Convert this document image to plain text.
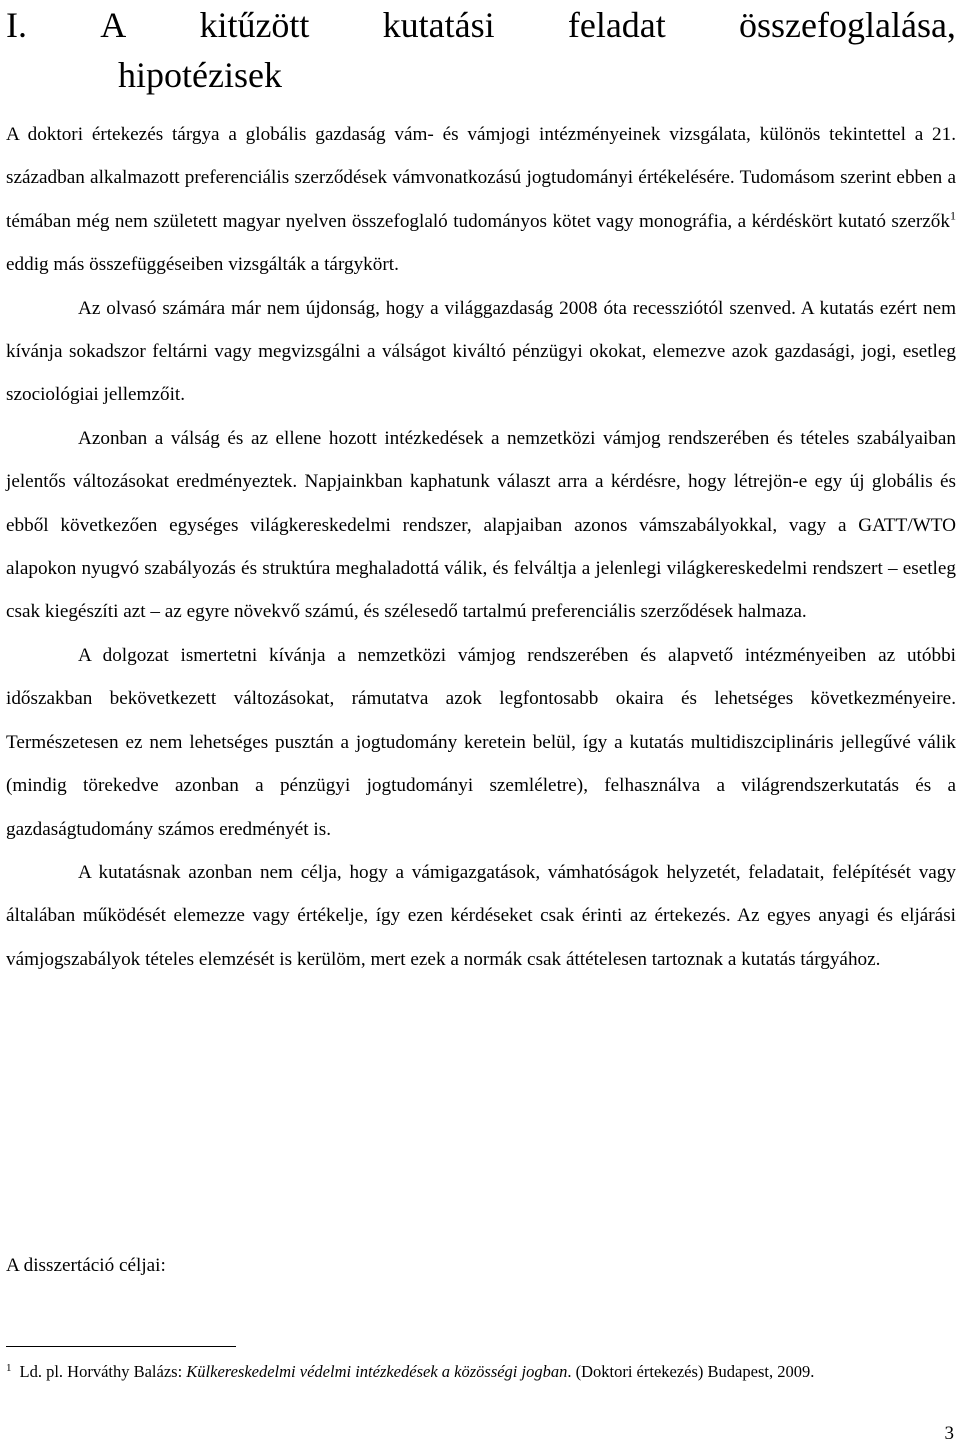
I. A kitűzött kutatási feladat összefoglalása,
hipotézisek

A doktori értekezés tárgya a globális gazdaság vám- és vámjogi intézményeinek vizsgálata, különös tekintettel a 21. században alkalmazott preferenciális szerződések vámvonatkozású jogtudományi értékelésére. Tudomásom szerint ebben a témában még nem született magyar nyelven összefoglaló tudományos kötet vagy monográfia, a kérdéskört kutató szerzők$^1$ eddig más összefüggéseiben vizsgálták a tárgykört.

Az olvasó számára már nem újdonság, hogy a világgazdaság 2008 óta recessziótól szenved. A kutatás ezért nem kívánja sokadszor feltárni vagy megvizsgálni a válságot kiváltó pénzügyi okokat, elemezve azok gazdasági, jogi, esetleg szociológiai jellemzőit.

Azonban a válság és az ellene hozott intézkedések a nemzetközi vámjog rendszerében és tételes szabályaiban jelentős változásokat eredményeztek. Napjainkban kaphatunk választ arra a kérdésre, hogy létrejön-e egy új globális és ebből következően egységes világkereskedelmi rendszer, alapjaiban azonos vámszabályokkal, vagy a GATT/WTO alapokon nyugvó szabályozás és struktúra meghaladottá válik, és felváltja a jelenlegi világkereskedelmi rendszert – esetleg csak kiegészíti azt – az egyre növekvő számú, és szélesedő tartalmú preferenciális szerződések halmaza.

A dolgozat ismertetni kívánja a nemzetközi vámjog rendszerében és alapvető intézményeiben az utóbbi időszakban bekövetkezett változásokat, rámutatva azok legfontosabb okaira és lehetséges következményeire. Természetesen ez nem lehetséges pusztán a jogtudomány keretein belül, így a kutatás multidiszciplináris jellegűvé válik (mindig törekedve azonban a pénzügyi jogtudományi szemléletre), felhasználva a világrendszerkutatás és a gazdaságtudomány számos eredményét is.

A kutatásnak azonban nem célja, hogy a vámigazgatások, vámhatóságok helyzetét, feladatait, felépítését vagy általában működését elemezze vagy értékelje, így ezen kérdéseket csak érinti az értekezés. Az egyes anyagi és eljárási vámjogszabályok tételes elemzését is kerülöm, mert ezek a normák csak áttételesen tartoznak a kutatás tárgyához.

A disszertáció céljai:
$^1$ Ld. pl. Horváthy Balázs: Külkereskedelmi védelmi intézkedések a közösségi jogban. (Doktori értekezés) Budapest, 2009.
3
